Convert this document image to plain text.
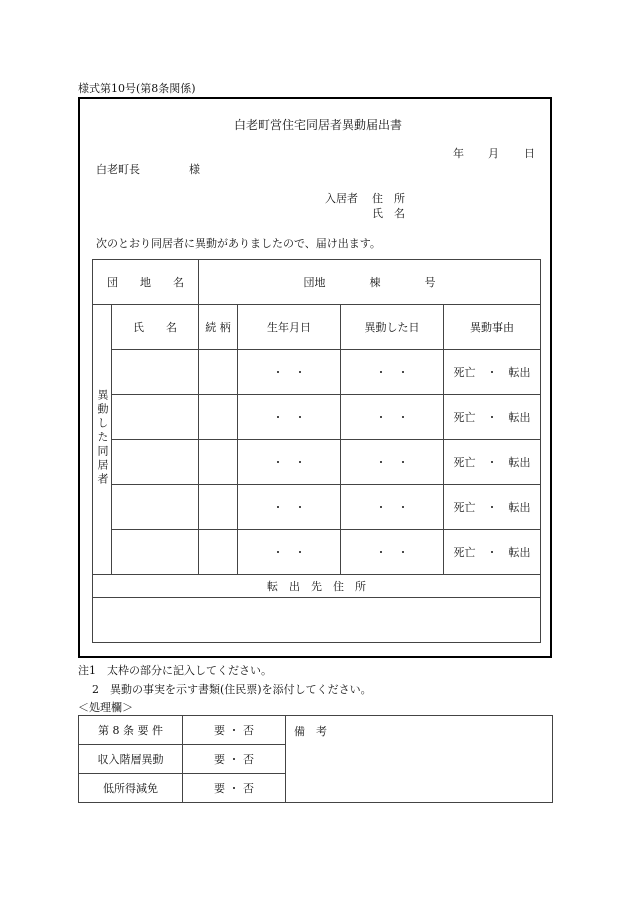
様式第10号(第8条関係)
白老町営住宅同居者異動届出書
年 月 日
白老町長	様
入居者 住　所
氏　名
次のとおり同居者に異動がありましたので、届け出ます。
団　　地　　名		団地　　　　棟　　　　号			
異動した同居者	氏　　名	続 柄	生年月日	異動した日	異動事由
			・　・	・　・	死亡　・　転出
			・　・	・　・	死亡　・　転出
			・　・	・　・	死亡　・　転出
			・　・	・　・	死亡　・　転出
			・　・	・　・	死亡　・　転出
転　出　先　住　所					

注1　太枠の部分に記入してください。
2　異動の事実を示す書類(住民票)を添付してください。
＜処理欄＞
第 8 条 要 件	要 ・ 否	備　考
収入階層異動	要 ・ 否	
低所得減免	要 ・ 否	
